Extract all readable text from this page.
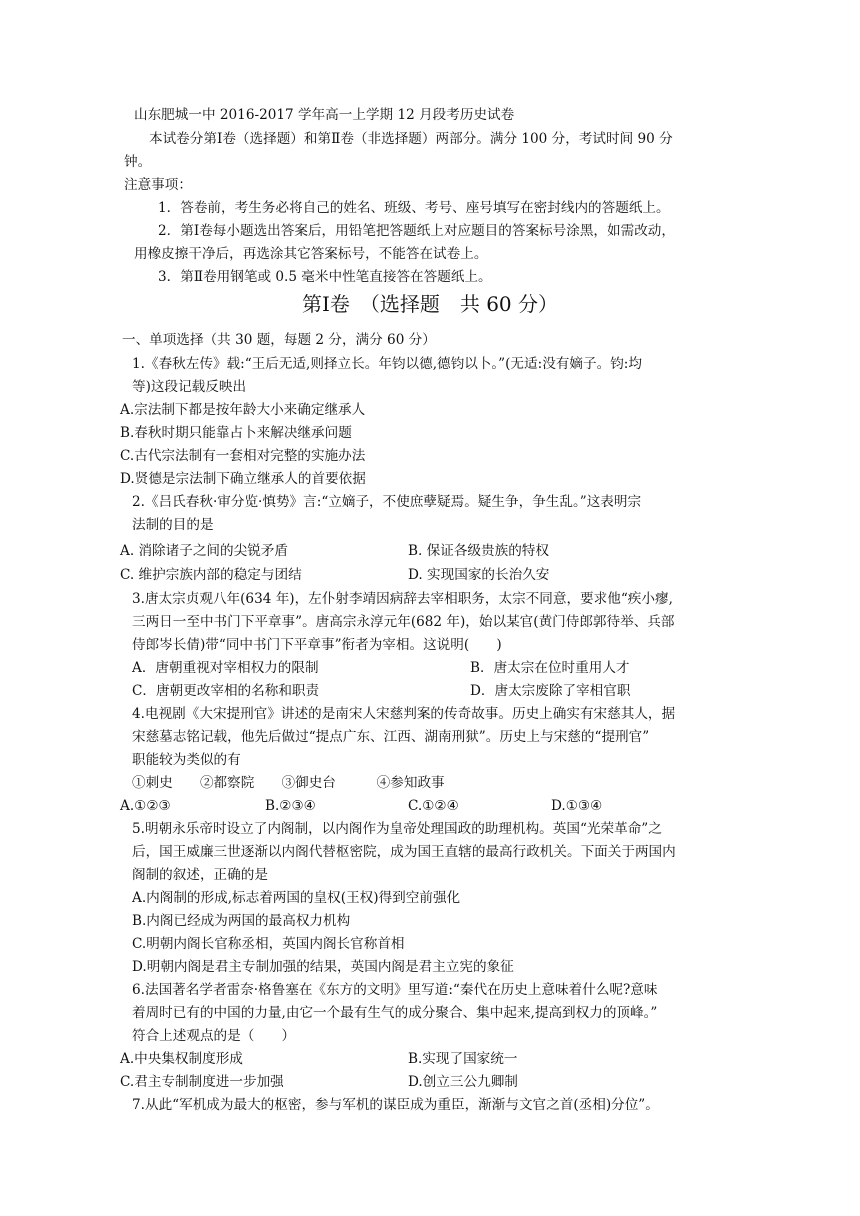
山东肥城一中 2016-2017 学年高一上学期 12 月段考历史试卷
本试卷分第Ⅰ卷（选择题）和第Ⅱ卷（非选择题）两部分。满分 100 分，考试时间 90 分
钟。
注意事项：
1．答卷前，考生务必将自己的姓名、班级、考号、座号填写在密封线内的答题纸上。
2．第Ⅰ卷每小题选出答案后，用铅笔把答题纸上对应题目的答案标号涂黑，如需改动，
用橡皮擦干净后，再选涂其它答案标号，不能答在试卷上。
3．第Ⅱ卷用钢笔或 0.5 毫米中性笔直接答在答题纸上。
第Ⅰ卷　（选择题　共 60 分）
一、单项选择（共 30 题，每题 2 分，满分 60 分）
1.《春秋左传》载:“王后无适,则择立长。年钧以德,德钧以卜。”(无适:没有嫡子。钧:均
等)这段记载反映出
A.宗法制下都是按年龄大小来确定继承人
B.春秋时期只能靠占卜来解决继承问题
C.古代宗法制有一套相对完整的实施办法
D.贤德是宗法制下确立继承人的首要依据
2.《吕氏春秋·审分览·慎势》言:“立嫡子，不使庶孽疑焉。疑生争，争生乱。”这表明宗
法制的目的是
A. 消除诸子之间的尖锐矛盾	B. 保证各级贵族的特权
C. 维护宗族内部的稳定与团结	D. 实现国家的长治久安
3.唐太宗贞观八年(634 年)，左仆射李靖因病辞去宰相职务，太宗不同意，要求他“疾小瘳,
三两日一至中书门下平章事”。唐高宗永淳元年(682 年)，始以某官(黄门侍郎郭待举、兵部
侍郎岑长倩)带“同中书门下平章事”衔者为宰相。这说明(　　)
A．唐朝重视对宰相权力的限制	B．唐太宗在位时重用人才
C．唐朝更改宰相的名称和职责	D．唐太宗废除了宰相官职
4.电视剧《大宋提刑官》讲述的是南宋人宋慈判案的传奇故事。历史上确实有宋慈其人，据
宋慈墓志铭记载，他先后做过“提点广东、江西、湖南刑狱”。历史上与宋慈的“提刑官”
职能较为类似的有
①刺史　　②都察院　　③御史台　　　④参知政事
A.①②③	B.②③④	C.①②④	D.①③④
5.明朝永乐帝时设立了内阁制，以内阁作为皇帝处理国政的助理机构。英国“光荣革命”之
后，国王威廉三世逐渐以内阁代替枢密院，成为国王直辖的最高行政机关。下面关于两国内
阁制的叙述，正确的是
A.内阁制的形成,标志着两国的皇权(王权)得到空前强化
B.内阁已经成为两国的最高权力机构
C.明朝内阁长官称丞相，英国内阁长官称首相
D.明朝内阁是君主专制加强的结果，英国内阁是君主立宪的象征
6.法国著名学者雷奈·格鲁塞在《东方的文明》里写道:“秦代在历史上意味着什么呢?意味
着周时已有的中国的力量,由它一个最有生气的成分聚合、集中起来,提高到权力的顶峰。”
符合上述观点的是（　　）
A.中央集权制度形成	B.实现了国家统一
C.君主专制制度进一步加强	D.创立三公九卿制
7.从此“军机成为最大的枢密，参与军机的谋臣成为重臣，渐渐与文官之首(丞相)分位”。
